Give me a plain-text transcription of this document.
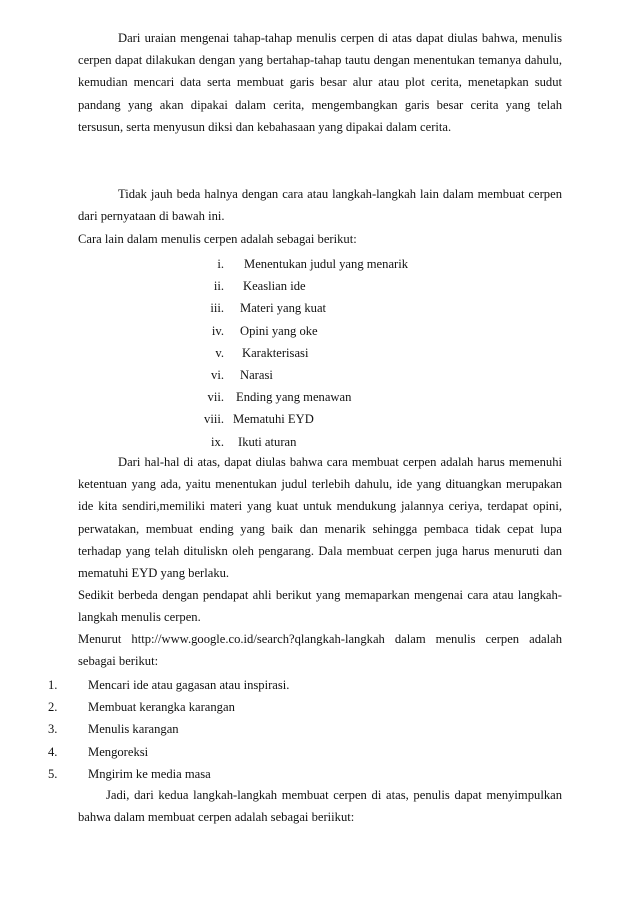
Dari uraian mengenai tahap-tahap menulis cerpen di atas dapat diulas bahwa, menulis cerpen dapat dilakukan dengan yang bertahap-tahap tautu dengan menentukan temanya dahulu, kemudian mencari data serta membuat garis besar alur atau plot cerita, menetapkan sudut pandang yang akan dipakai dalam cerita, mengembangkan garis besar cerita yang telah tersusun, serta menyusun diksi dan kebahasaan yang dipakai dalam cerita.

Tidak jauh beda halnya dengan cara atau langkah-langkah lain dalam membuat cerpen dari pernyataan di bawah ini.

Cara lain dalam menulis cerpen adalah sebagai berikut:

i. Menentukan judul yang menarik
ii. Keaslian ide
iii. Materi yang kuat
iv. Opini yang oke
v. Karakterisasi
vi. Narasi
vii. Ending yang menawan
viii. Mematuhi EYD
ix. Ikuti aturan

Dari hal-hal di atas, dapat diulas bahwa cara membuat cerpen adalah harus memenuhi ketentuan yang ada, yaitu menentukan judul terlebih dahulu, ide yang dituangkan merupakan ide kita sendiri,memiliki materi yang kuat untuk mendukung jalannya ceriya, terdapat opini, perwatakan, membuat ending yang baik dan menarik sehingga pembaca tidak cepat lupa terhadap yang telah dituliskn oleh pengarang. Dala membuat cerpen juga harus menuruti dan mematuhi EYD yang berlaku.

Sedikit berbeda dengan pendapat ahli berikut yang memaparkan mengenai cara atau langkah-langkah menulis cerpen.

Menurut http://www.google.co.id/search?qlangkah-langkah dalam menulis cerpen adalah sebagai berikut:

1. Mencari ide atau gagasan atau inspirasi.
2. Membuat kerangka karangan
3. Menulis karangan
4. Mengoreksi
5. Mngirim ke media masa

Jadi, dari kedua langkah-langkah membuat cerpen di atas, penulis dapat menyimpulkan bahwa dalam membuat cerpen adalah sebagai beriikut:
